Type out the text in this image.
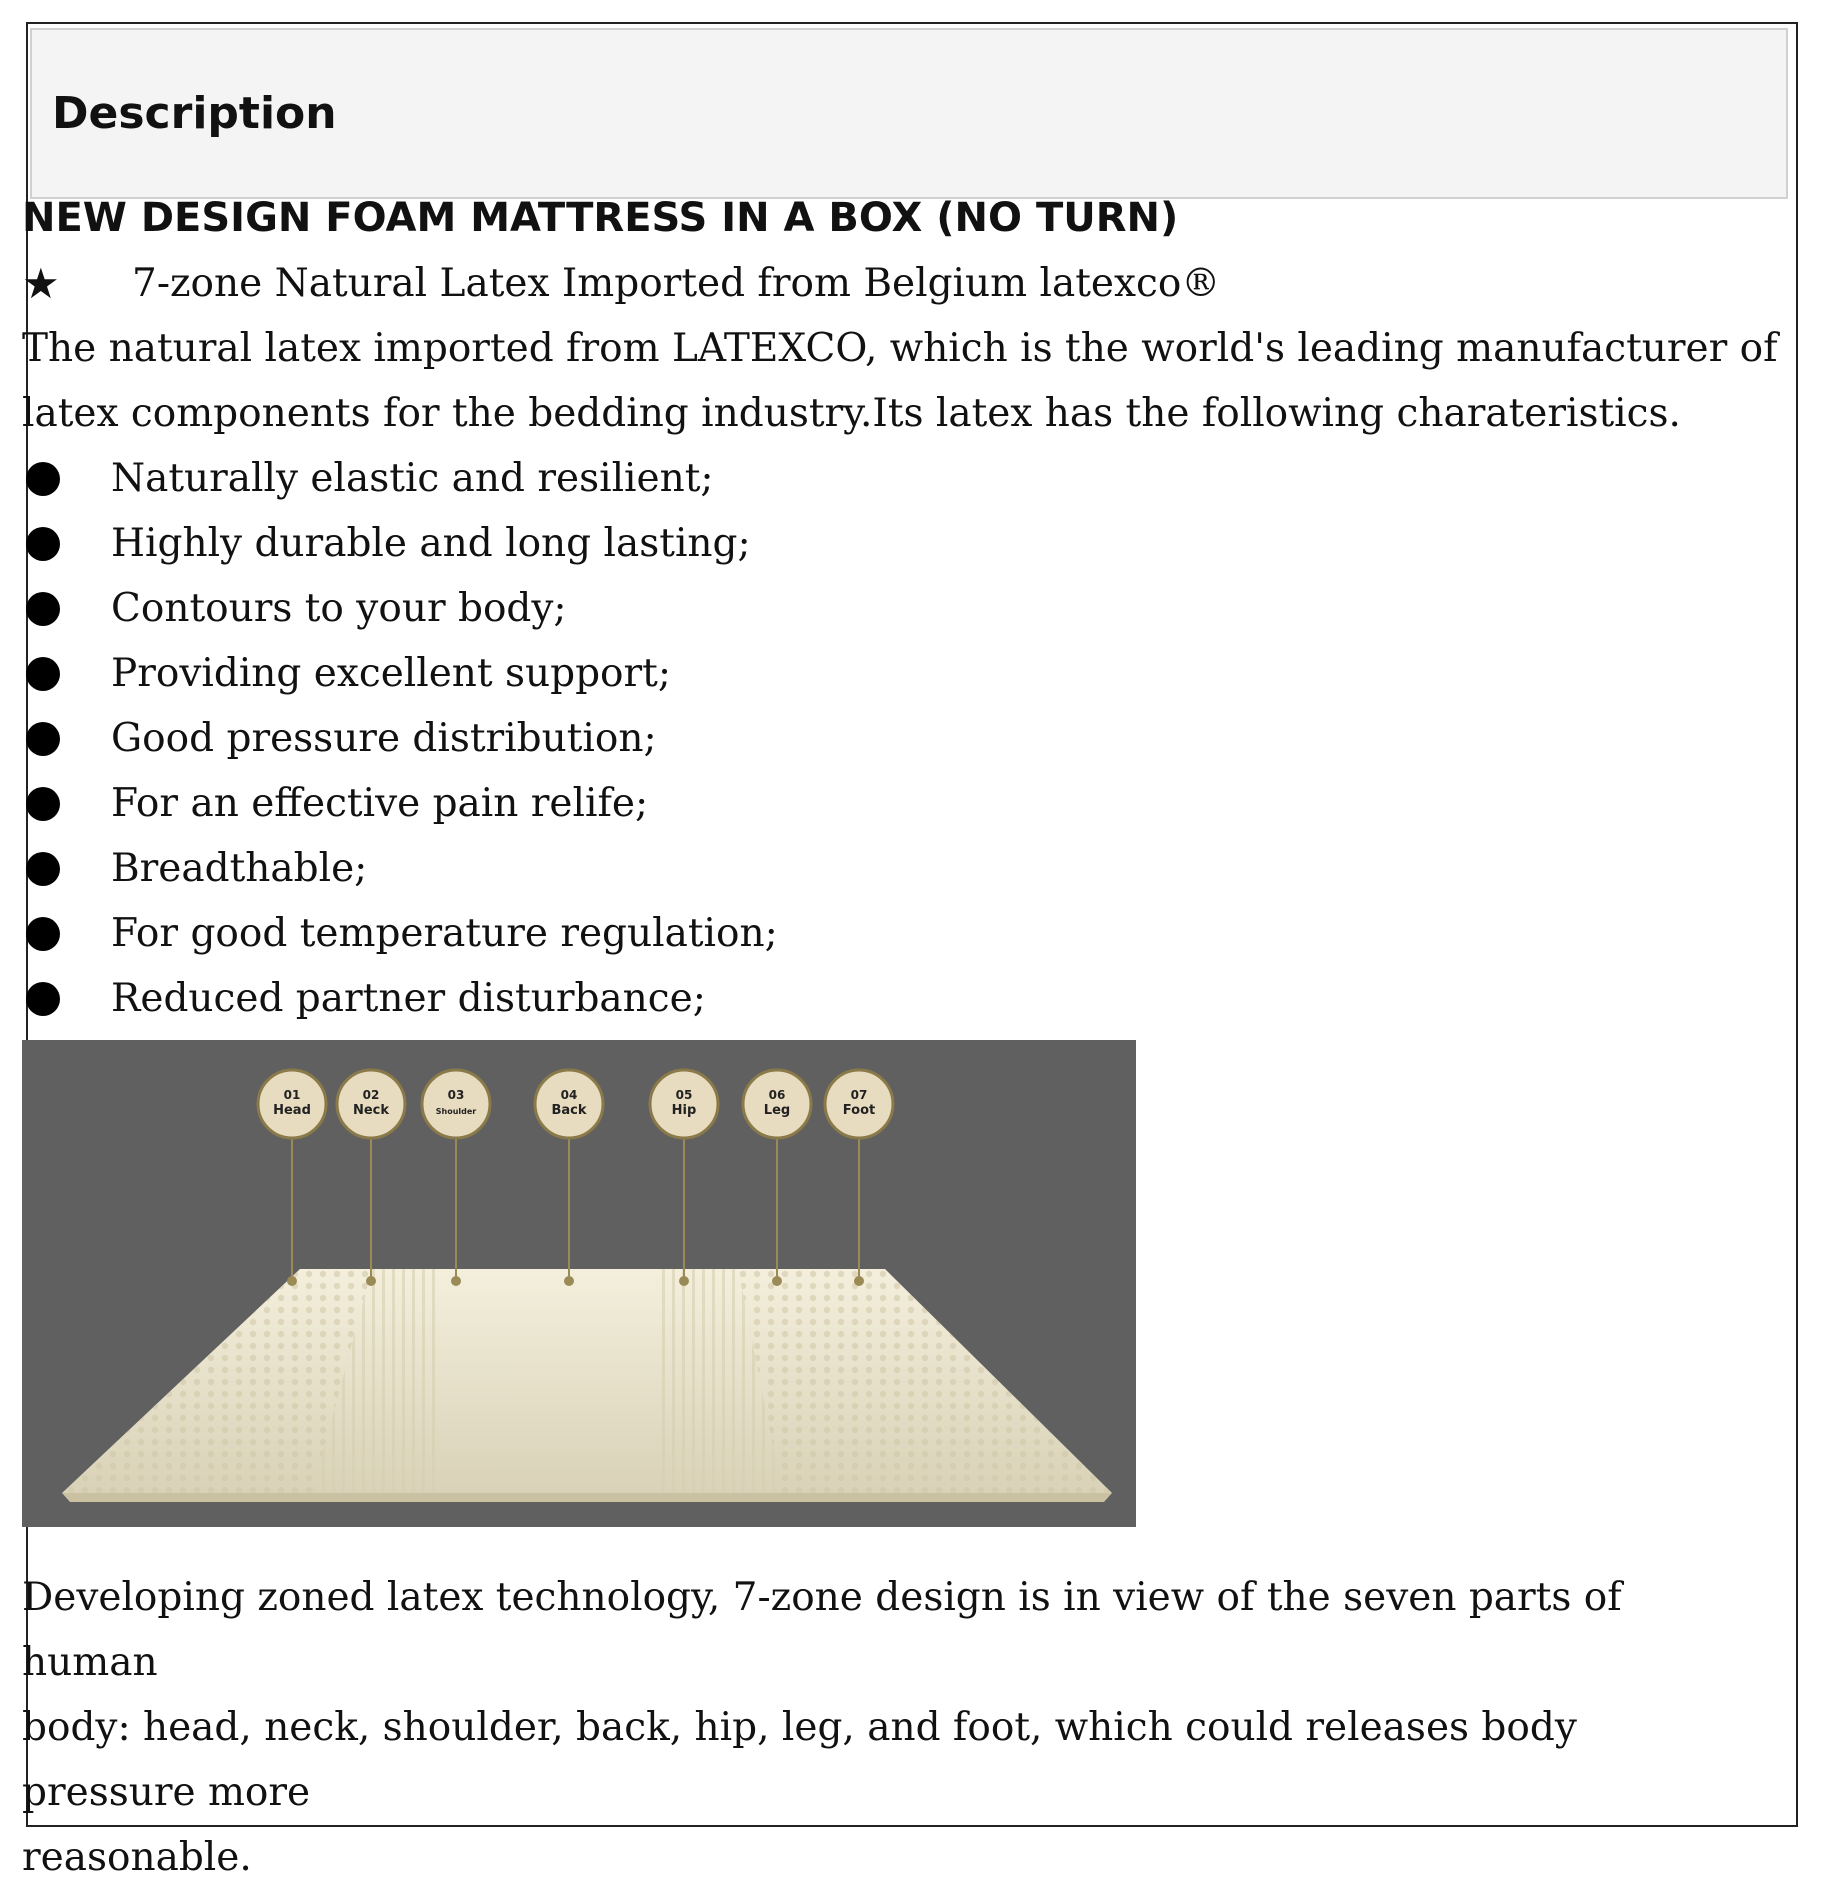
Description
NEW DESIGN FOAM MATTRESS IN A BOX (NO TURN)
★ 7-zone Natural Latex Imported from Belgium latexco®
The natural latex imported from LATEXCO, which is the world's leading manufacturer of
latex components for the bedding industry.Its latex has the following charateristics.
Naturally elastic and resilient;
Highly durable and long lasting;
Contours to your body;
Providing excellent support;
Good pressure distribution;
For an effective pain relife;
Breadthable;
For good temperature regulation;
Reduced partner disturbance;
01
Head
02
Neck
03
Shoulder
04
Back
05
Hip
06
Leg
07
Foot
Developing zoned latex technology, 7-zone design is in view of the seven parts of human
body: head, neck, shoulder, back, hip, leg, and foot, which could releases body pressure more
reasonable.
